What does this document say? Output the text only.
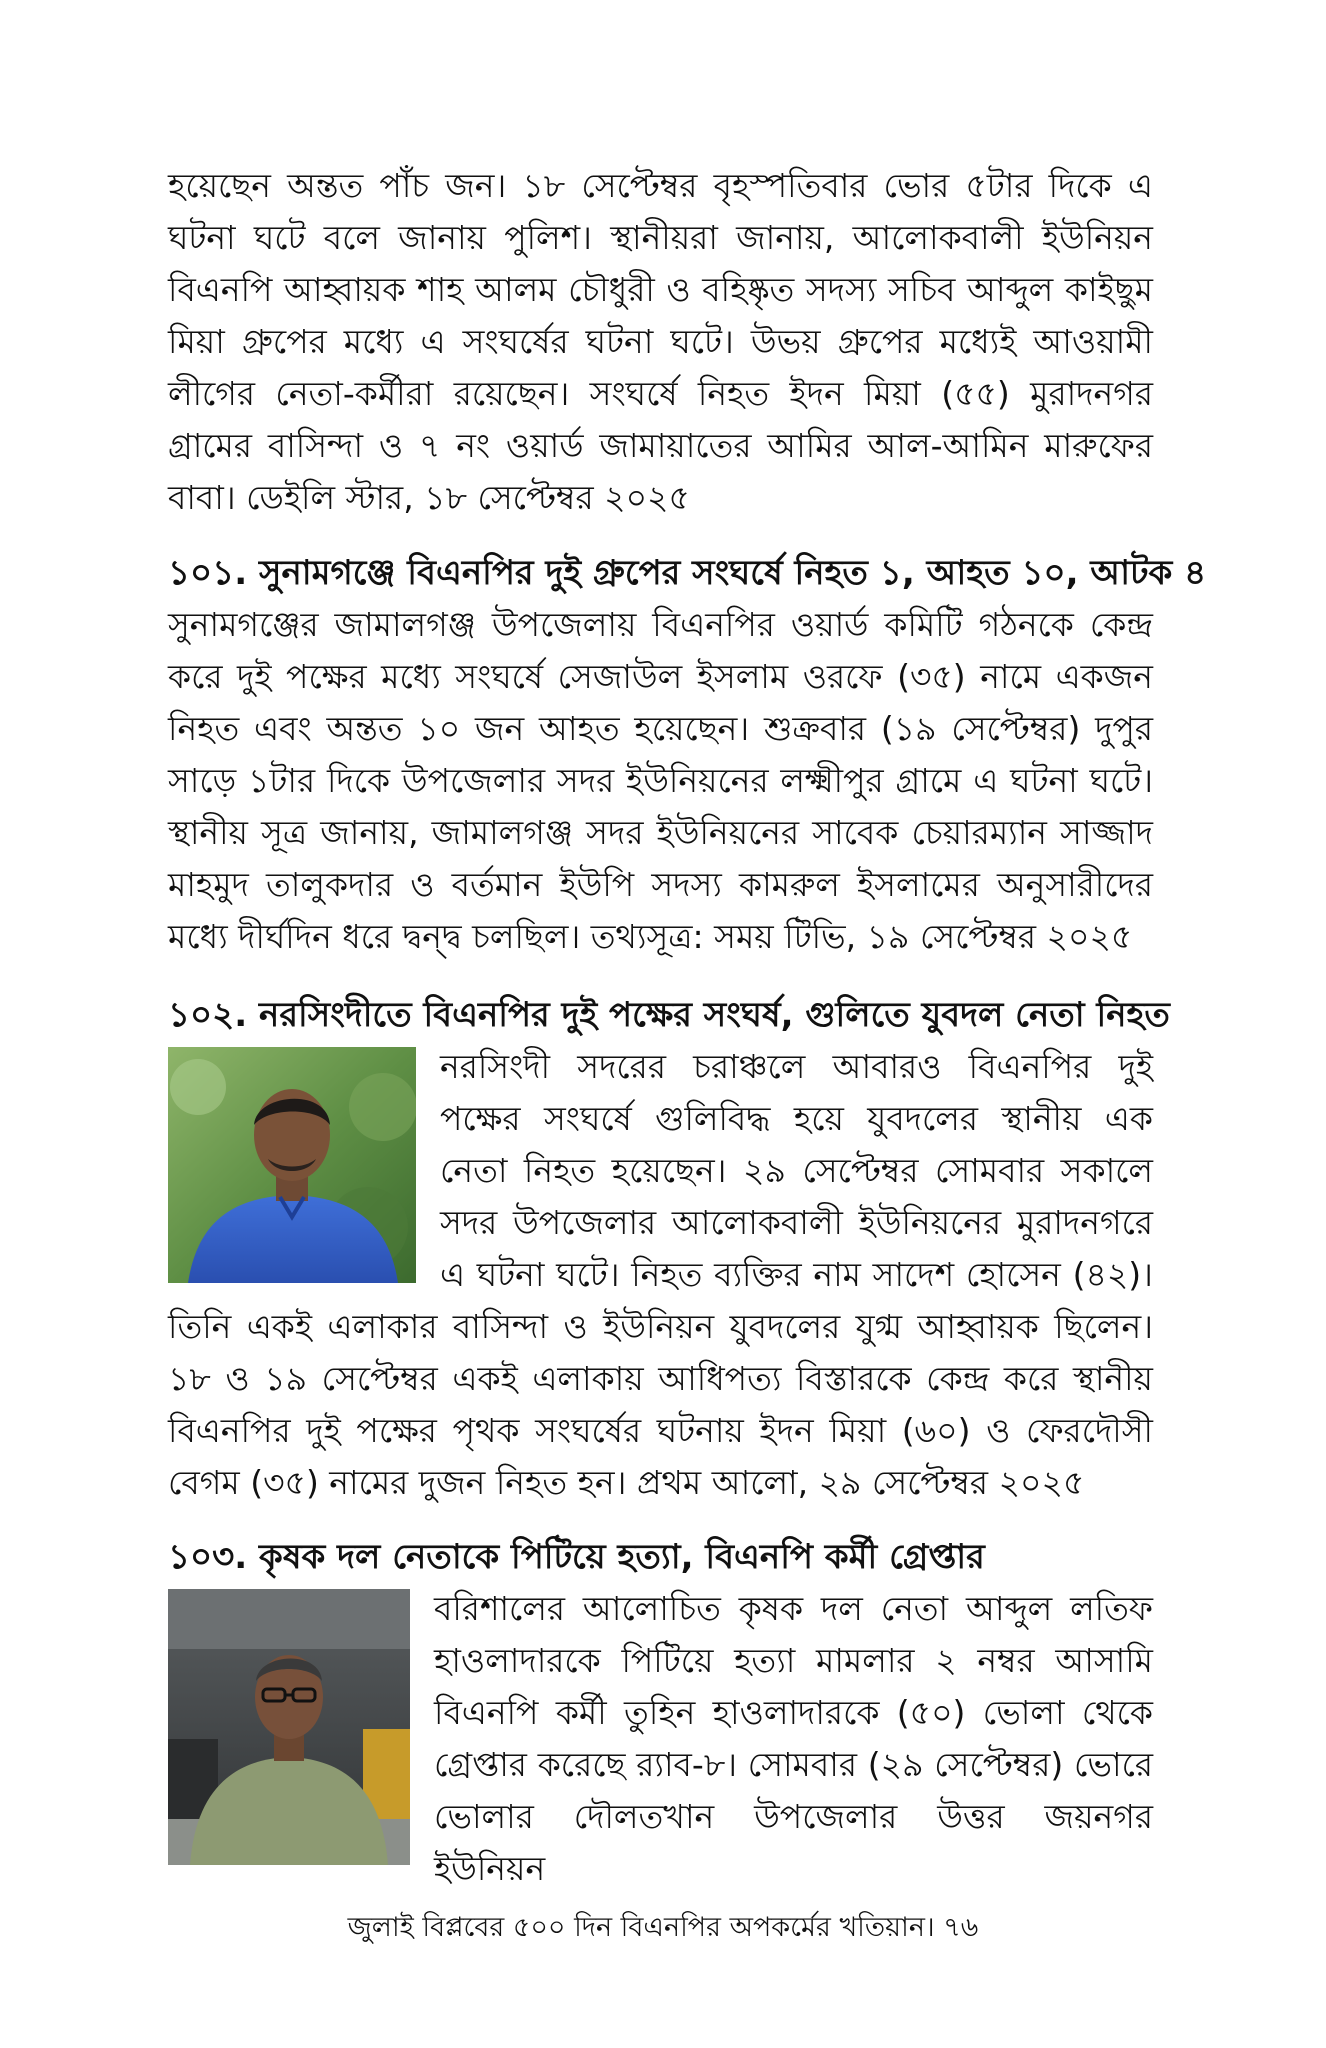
হয়েছেন অন্তত পাঁচ জন। ১৮ সেপ্টেম্বর বৃহস্পতিবার ভোর ৫টার দিকে এ ঘটনা ঘটে বলে জানায় পুলিশ। স্থানীয়রা জানায়, আলোকবালী ইউনিয়ন বিএনপি আহ্বায়ক শাহ আলম চৌধুরী ও বহিষ্কৃত সদস্য সচিব আব্দুল কাইছুম মিয়া গ্রুপের মধ্যে এ সংঘর্ষের ঘটনা ঘটে। উভয় গ্রুপের মধ্যেই আওয়ামী লীগের নেতা-কর্মীরা রয়েছেন। সংঘর্ষে নিহত ইদন মিয়া (৫৫) মুরাদনগর গ্রামের বাসিন্দা ও ৭ নং ওয়ার্ড জামায়াতের আমির আল-আমিন মারুফের বাবা। ডেইলি স্টার, ১৮ সেপ্টেম্বর ২০২৫

১০১. সুনামগঞ্জে বিএনপির দুই গ্রুপের সংঘর্ষে নিহত ১, আহত ১০, আটক ৪

সুনামগঞ্জের জামালগঞ্জ উপজেলায় বিএনপির ওয়ার্ড কমিটি গঠনকে কেন্দ্র করে দুই পক্ষের মধ্যে সংঘর্ষে সেজাউল ইসলাম ওরফে (৩৫) নামে একজন নিহত এবং অন্তত ১০ জন আহত হয়েছেন। শুক্রবার (১৯ সেপ্টেম্বর) দুপুর সাড়ে ১টার দিকে উপজেলার সদর ইউনিয়নের লক্ষ্মীপুর গ্রামে এ ঘটনা ঘটে। স্থানীয় সূত্র জানায়, জামালগঞ্জ সদর ইউনিয়নের সাবেক চেয়ারম্যান সাজ্জাদ মাহমুদ তালুকদার ও বর্তমান ইউপি সদস্য কামরুল ইসলামের অনুসারীদের মধ্যে দীর্ঘদিন ধরে দ্বন্দ্ব চলছিল। তথ্যসূত্র: সময় টিভি, ১৯ সেপ্টেম্বর ২০২৫

১০২. নরসিংদীতে বিএনপির দুই পক্ষের সংঘর্ষ, গুলিতে যুবদল নেতা নিহত

নরসিংদী সদরের চরাঞ্চলে আবারও বিএনপির দুই পক্ষের সংঘর্ষে গুলিবিদ্ধ হয়ে যুবদলের স্থানীয় এক নেতা নিহত হয়েছেন। ২৯ সেপ্টেম্বর সোমবার সকালে সদর উপজেলার আলোকবালী ইউনিয়নের মুরাদনগরে এ ঘটনা ঘটে। নিহত ব্যক্তির নাম সাদেশ হোসেন (৪২)। তিনি একই এলাকার বাসিন্দা ও ইউনিয়ন যুবদলের যুগ্ম আহ্বায়ক ছিলেন। ১৮ ও ১৯ সেপ্টেম্বর একই এলাকায় আধিপত্য বিস্তারকে কেন্দ্র করে স্থানীয় বিএনপির দুই পক্ষের পৃথক সংঘর্ষের ঘটনায় ইদন মিয়া (৬০) ও ফেরদৌসী বেগম (৩৫) নামের দুজন নিহত হন। প্রথম আলো, ২৯ সেপ্টেম্বর ২০২৫

১০৩. কৃষক দল নেতাকে পিটিয়ে হত্যা, বিএনপি কর্মী গ্রেপ্তার

বরিশালের আলোচিত কৃষক দল নেতা আব্দুল লতিফ হাওলাদারকে পিটিয়ে হত্যা মামলার ২ নম্বর আসামি বিএনপি কর্মী তুহিন হাওলাদারকে (৫০) ভোলা থেকে গ্রেপ্তার করেছে র‍্যাব-৮। সোমবার (২৯ সেপ্টেম্বর) ভোরে ভোলার দৌলতখান উপজেলার উত্তর জয়নগর ইউনিয়ন

জুলাই বিপ্লবের ৫০০ দিন বিএনপির অপকর্মের খতিয়ান। ৭৬
